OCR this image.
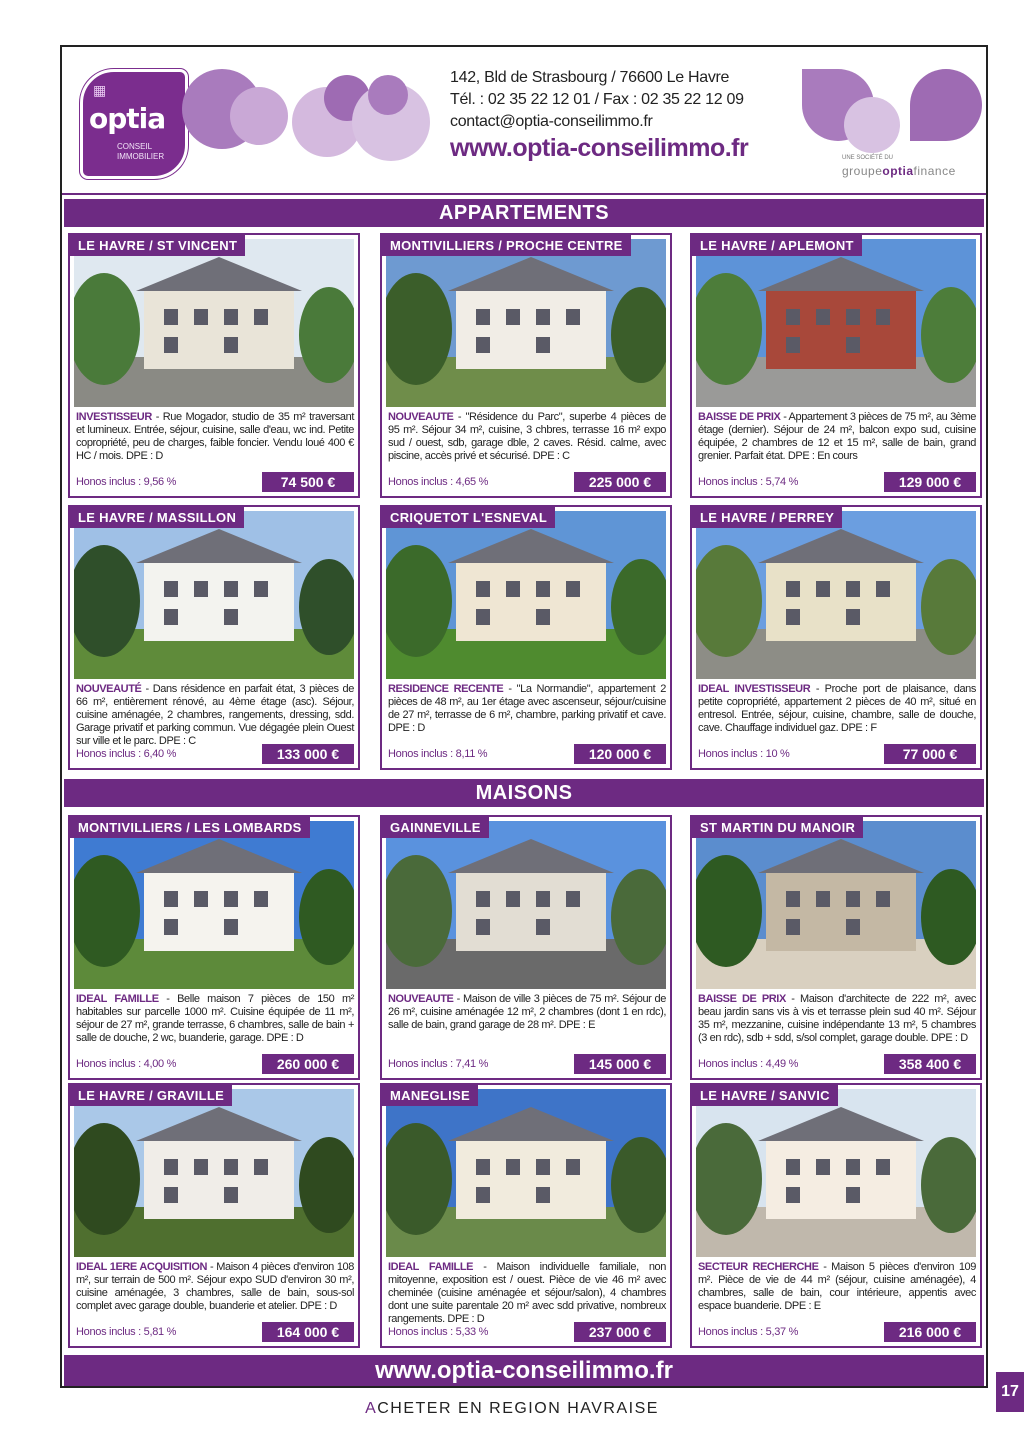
▦
optia
CONSEIL
IMMOBILIER
142, Bld de Strasbourg / 76600 Le Havre
Tél. : 02 35 22 12 01 / Fax : 02 35 22 12 09
contact@optia-conseilimmo.fr
www.optia-conseilimmo.fr	UNE SOCIÉTÉ DU
groupeoptiafinance
APPARTEMENTS
MAISONS
LE HAVRE / ST VINCENT
INVESTISSEUR - Rue Mogador, studio de 35 m² traversant et lumineux. Entrée, séjour, cuisine, salle d'eau, wc ind. Petite copropriété, peu de charges, faible foncier. Vendu loué 400 € HC / mois. DPE : D
Honos inclus : 9,56 %	74 500 €
MONTIVILLIERS / PROCHE CENTRE
NOUVEAUTE - "Résidence du Parc", superbe 4 pièces de 95 m². Séjour 34 m², cuisine, 3 chbres, terrasse 16 m² expo sud / ouest, sdb, garage dble, 2 caves. Résid. calme, avec piscine, accès privé et sécurisé. DPE : C
Honos inclus : 4,65 %	225 000 €
LE HAVRE / APLEMONT
BAISSE DE PRIX - Appartement 3 pièces de 75 m², au 3ème étage (dernier). Séjour de 24 m², balcon expo sud, cuisine équipée, 2 chambres de 12 et 15 m², salle de bain, grand grenier. Parfait état. DPE : En cours
Honos inclus : 5,74 %	129 000 €
LE HAVRE / MASSILLON
NOUVEAUTÉ - Dans résidence en parfait état, 3 pièces de 66 m², entièrement rénové, au 4ème étage (asc). Séjour, cuisine aménagée, 2 chambres, rangements, dressing, sdd. Garage privatif et parking commun. Vue dégagée plein Ouest sur ville et le parc. DPE : C
Honos inclus : 6,40 %	133 000 €
CRIQUETOT L'ESNEVAL
RESIDENCE RECENTE - "La Normandie", appartement 2 pièces de 48 m², au 1er étage avec ascenseur, séjour/cuisine de 27 m², terrasse de 6 m², chambre, parking privatif et cave. DPE : D
Honos inclus : 8,11 %	120 000 €
LE HAVRE / PERREY
IDEAL INVESTISSEUR - Proche port de plaisance, dans petite copropriété, appartement 2 pièces de 40 m², situé en entresol. Entrée, séjour, cuisine, chambre, salle de douche, cave. Chauffage individuel gaz. DPE : F
Honos inclus : 10 %	77 000 €
MONTIVILLIERS / LES LOMBARDS
IDEAL FAMILLE - Belle maison 7 pièces de 150 m² habitables sur parcelle 1000 m². Cuisine équipée de 11 m², séjour de 27 m², grande terrasse, 6 chambres, salle de bain + salle de douche, 2 wc, buanderie, garage. DPE : D
Honos inclus : 4,00 %	260 000 €
GAINNEVILLE
NOUVEAUTE - Maison de ville 3 pièces de 75 m². Séjour de 26 m², cuisine aménagée 12 m², 2 chambres (dont 1 en rdc), salle de bain, grand garage de 28 m². DPE : E
Honos inclus : 7,41 %	145 000 €
ST MARTIN DU MANOIR
BAISSE DE PRIX - Maison d'architecte de 222 m², avec beau jardin sans vis à vis et terrasse plein sud 40 m². Séjour 35 m², mezzanine, cuisine indépendante 13 m², 5 chambres (3 en rdc), sdb + sdd, s/sol complet, garage double. DPE : D
Honos inclus : 4,49 %	358 400 €
LE HAVRE / GRAVILLE
IDEAL 1ERE ACQUISITION - Maison 4 pièces d'environ 108 m², sur terrain de 500 m². Séjour expo SUD d'environ 30 m², cuisine aménagée, 3 chambres, salle de bain, sous-sol complet avec garage double, buanderie et atelier. DPE : D
Honos inclus : 5,81 %	164 000 €
MANEGLISE
IDEAL FAMILLE - Maison individuelle familiale, non mitoyenne, exposition est / ouest. Pièce de vie 46 m² avec cheminée (cuisine aménagée et séjour/salon), 4 chambres dont une suite parentale 20 m² avec sdd privative, nombreux rangements. DPE : D
Honos inclus : 5,33 %	237 000 €
LE HAVRE / SANVIC
SECTEUR RECHERCHE - Maison 5 pièces d'environ 109 m². Pièce de vie de 44 m² (séjour, cuisine aménagée), 4 chambres, salle de bain, cour intérieure, appentis avec espace buanderie. DPE : E
Honos inclus : 5,37 %	216 000 €
www.optia-conseilimmo.fr
ACHETER EN REGION HAVRAISE
17
